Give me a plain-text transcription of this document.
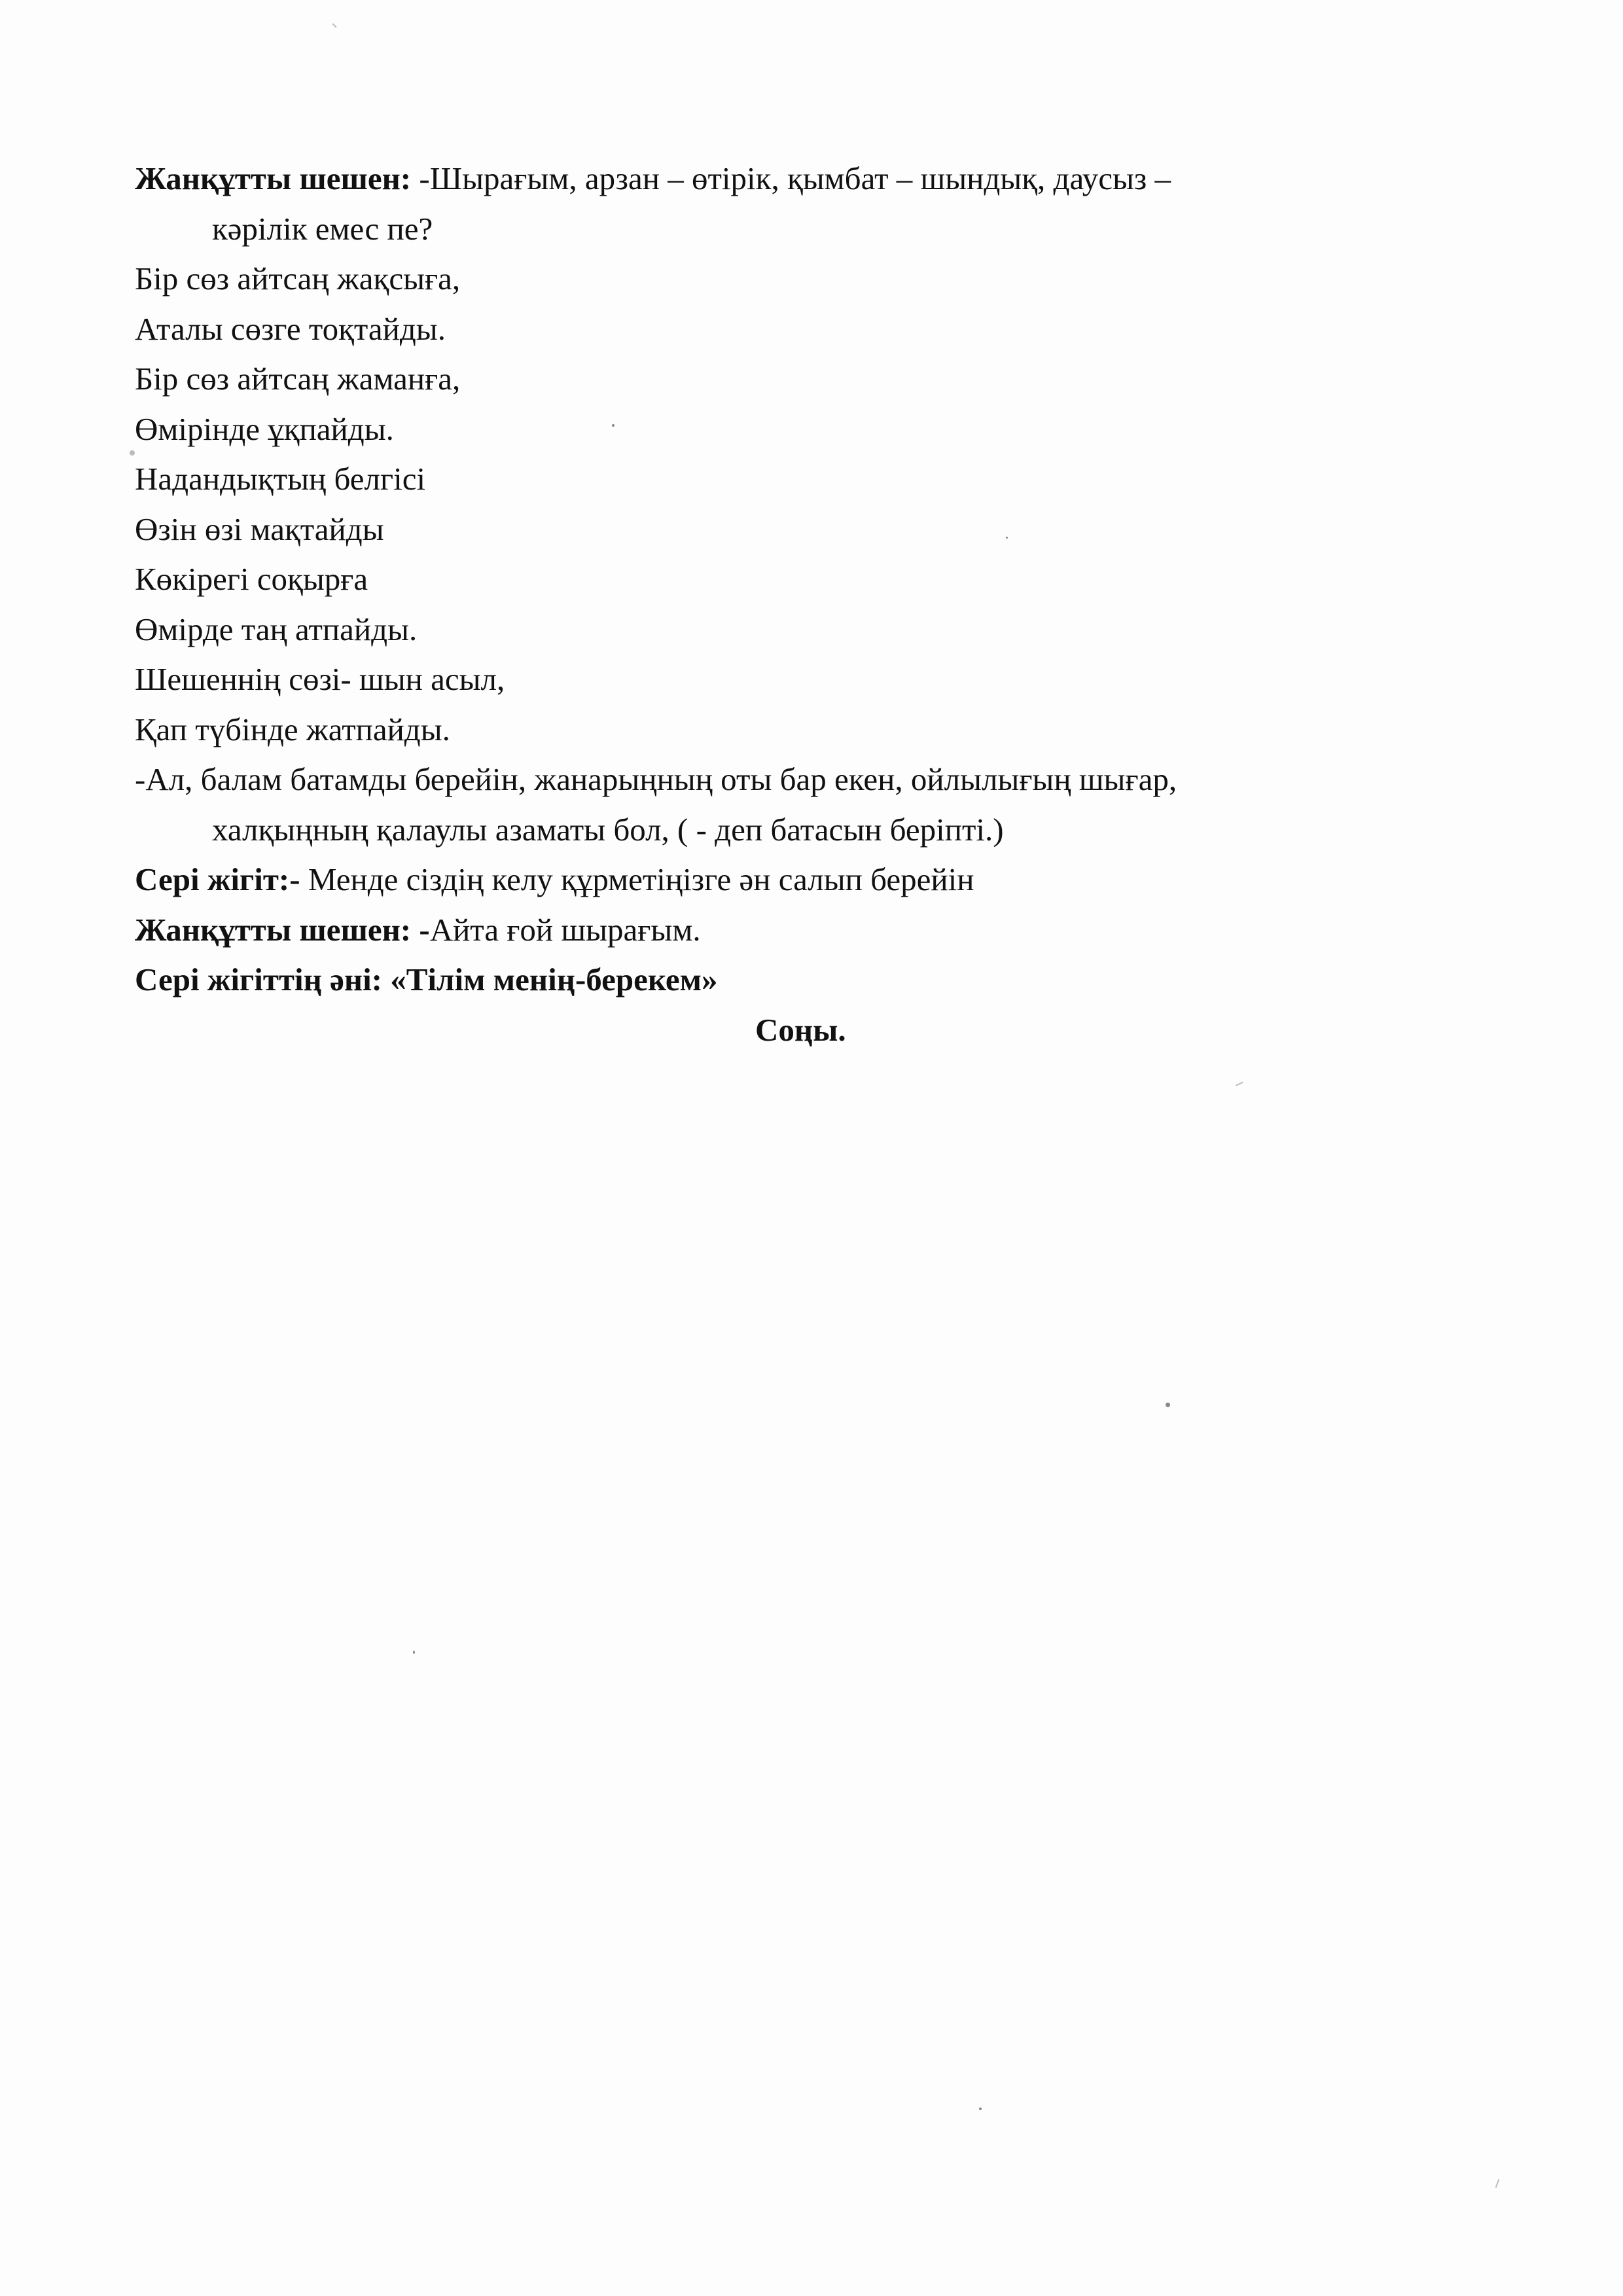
Жанқұтты шешен: -Шырағым, арзан – өтірік, қымбат – шындық, даусыз –

кәрілік емес пе?

Бір сөз айтсаң жақсыға,

Аталы сөзге тоқтайды.

Бір сөз айтсаң жаманға,

Өмірінде ұқпайды.

Надандықтың белгісі

Өзін өзі мақтайды

Көкірегі соқырға

Өмірде таң атпайды.

Шешеннің сөзі- шын асыл,

Қап түбінде жатпайды.

-Ал, балам батамды берейін, жанарыңның оты бар екен, ойлылығың шығар,

халқыңның қалаулы азаматы бол, ( - деп батасын беріпті.)

Сері жігіт:- Менде сіздің келу құрметіңізге ән салып берейін

Жанқұтты шешен: -Айта ғой шырағым.

Сері жігіттің әні: «Тілім менің-берекем»

Соңы.
